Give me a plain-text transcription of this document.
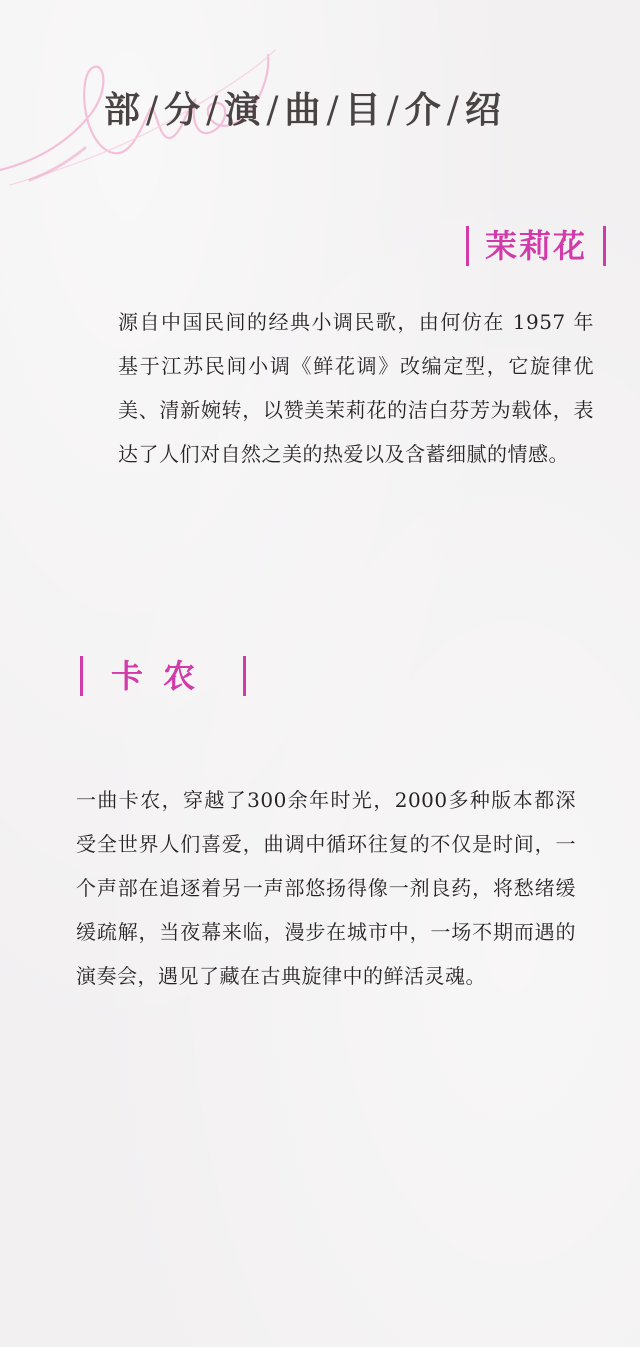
部 / 分 / 演 / 曲 / 目 / 介 / 绍
茉莉花

源自中国民间的经典小调民歌，由何仿在 1957 年基于江苏民间小调《鲜花调》改编定型，它旋律优美、清新婉转，以赞美茉莉花的洁白芬芳为载体，表达了人们对自然之美的热爱以及含蓄细腻的情感。

卡农

一曲卡农，穿越了300余年时光，2000多种版本都深受全世界人们喜爱，曲调中循环往复的不仅是时间，一个声部在追逐着另一声部悠扬得像一剂良药，将愁绪缓缓疏解，当夜幕来临，漫步在城市中，一场不期而遇的演奏会，遇见了藏在古典旋律中的鲜活灵魂。
